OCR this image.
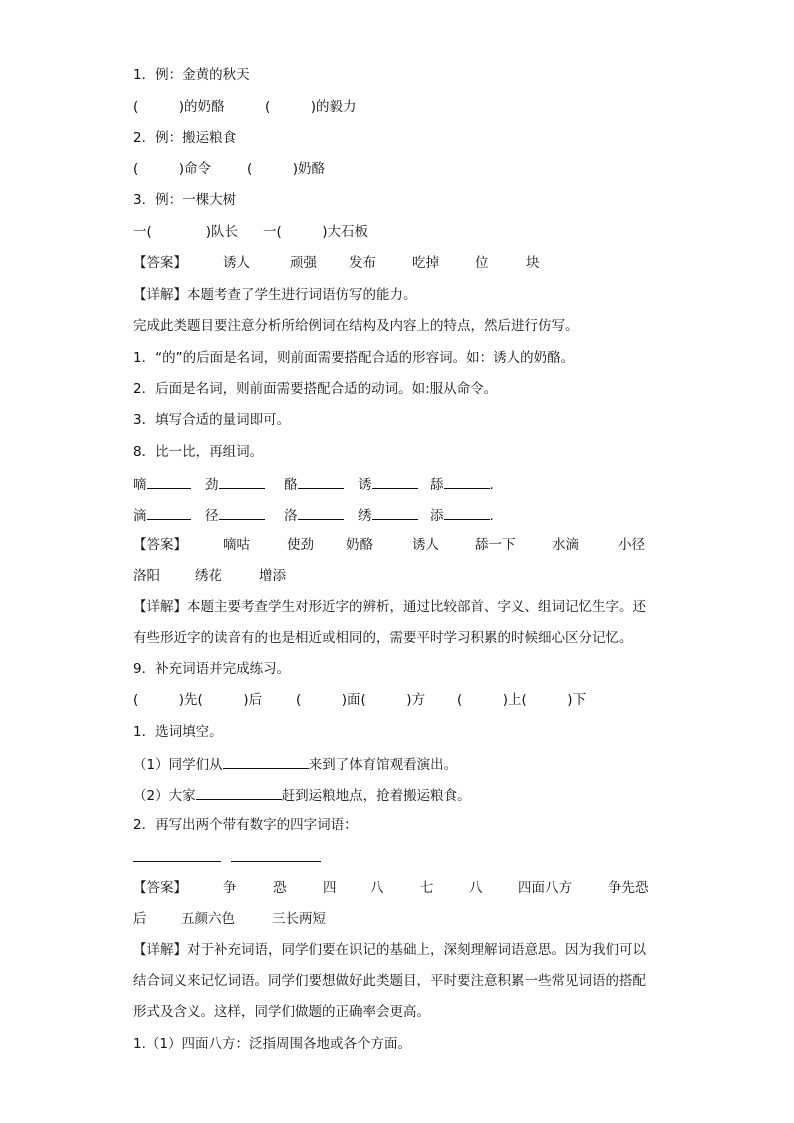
1．例：金黄的秋天
(　　　)的奶酪	(　　　)的毅力
2．例：搬运粮食
(　　　)命令	(　　　)奶酪
3．例：一棵大树
一(　　　　)队长 一(　　　)大石板
【答案】	诱人	顽强 发布	吃掉	位	块
【详解】本题考查了学生进行词语仿写的能力。
完成此类题目要注意分析所给例词在结构及内容上的特点，然后进行仿写。
1．“的”的后面是名词，则前面需要搭配合适的形容词。如：诱人的奶酪。
2．后面是名词，则前面需要搭配合适的动词。如:服从命令。
3．填写合适的量词即可。
8．比一比，再组词。
嘀	劲	酪	诱	舔	.
滴	径	洛	绣	添	.
【答案】	嘀咕	使劲 奶酪	诱人	舔一下	水滴	小径
洛阳	绣花	增添
【详解】本题主要考查学生对形近字的辨析，通过比较部首、字义、组词记忆生字。还
有些形近字的读音有的也是相近或相同的，需要平时学习积累的时候细心区分记忆。
9．补充词语并完成练习。
(　　　)先(　　　)后	(　　　)面(　　　)方 (　　　)上(　　　)下
1．选词填空。
（1）同学们从	来到了体育馆观看演出。
（2）大家	赶到运粮地点，抢着搬运粮食。
2．再写出两个带有数字的四字词语：

【答案】	争	恐	四 八	七	八	四面八方	争先恐
后	五颜六色	三长两短
【详解】对于补充词语，同学们要在识记的基础上，深刻理解词语意思。因为我们可以
结合词义来记忆词语。同学们要想做好此类题目，平时要注意积累一些常见词语的搭配
形式及含义。这样，同学们做题的正确率会更高。
1.（1）四面八方：泛指周围各地或各个方面。
